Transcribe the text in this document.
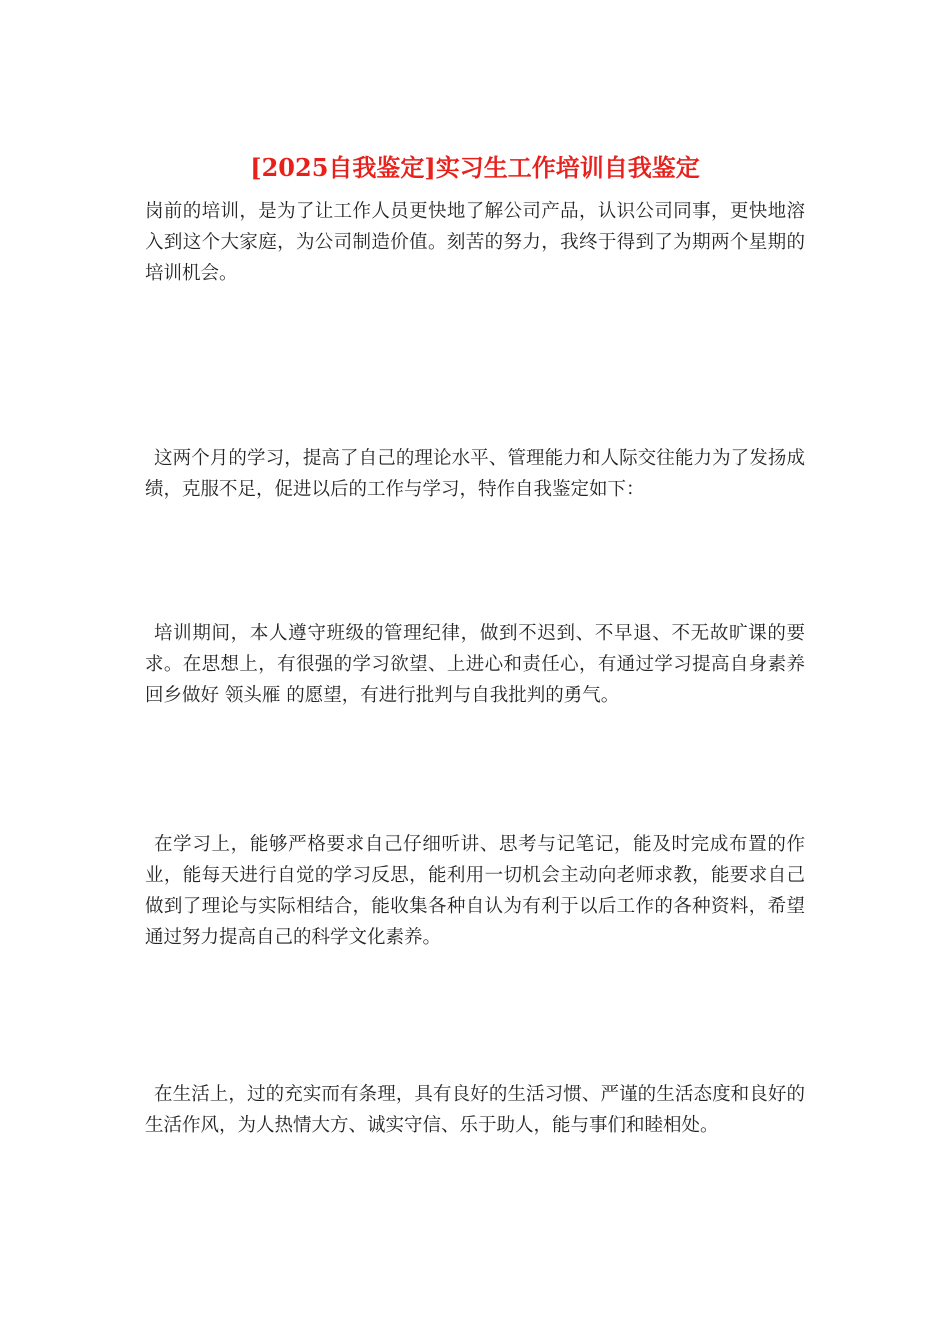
[2025自我鉴定]实习生工作培训自我鉴定

岗前的培训，是为了让工作人员更快地了解公司产品，认识公司同事，更快地溶入到这个大家庭，为公司制造价值。刻苦的努力，我终于得到了为期两个星期的培训机会。

这两个月的学习，提高了自己的理论水平、管理能力和人际交往能力为了发扬成绩，克服不足，促进以后的工作与学习，特作自我鉴定如下：

培训期间，本人遵守班级的管理纪律，做到不迟到、不早退、不无故旷课的要求。在思想上，有很强的学习欲望、上进心和责任心，有通过学习提高自身素养回乡做好 领头雁 的愿望，有进行批判与自我批判的勇气。

在学习上，能够严格要求自己仔细听讲、思考与记笔记，能及时完成布置的作业，能每天进行自觉的学习反思，能利用一切机会主动向老师求教，能要求自己做到了理论与实际相结合，能收集各种自认为有利于以后工作的各种资料，希望通过努力提高自己的科学文化素养。

在生活上，过的充实而有条理，具有良好的生活习惯、严谨的生活态度和良好的生活作风，为人热情大方、诚实守信、乐于助人，能与事们和睦相处。
